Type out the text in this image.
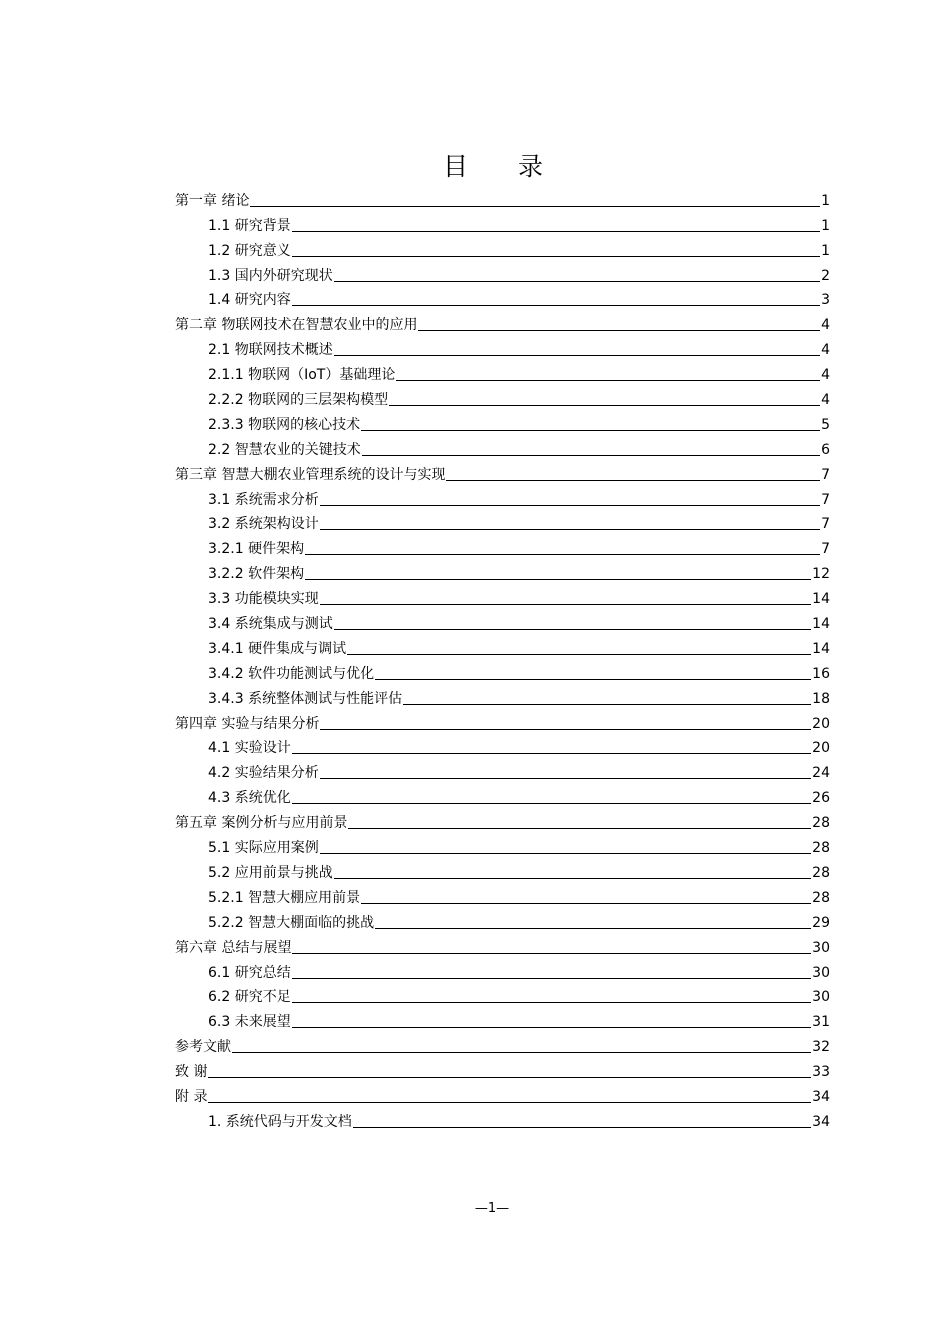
目　　录
第一章 绪论	1
1.1 研究背景	1
1.2 研究意义	1
1.3 国内外研究现状	2
1.4 研究内容	3
第二章 物联网技术在智慧农业中的应用	4
2.1 物联网技术概述	4
2.1.1 物联网（IoT）基础理论	4
2.2.2 物联网的三层架构模型	4
2.3.3 物联网的核心技术	5
2.2 智慧农业的关键技术	6
第三章 智慧大棚农业管理系统的设计与实现	7
3.1 系统需求分析	7
3.2 系统架构设计	7
3.2.1 硬件架构	7
3.2.2 软件架构	12
3.3 功能模块实现	14
3.4 系统集成与测试	14
3.4.1 硬件集成与调试	14
3.4.2 软件功能测试与优化	16
3.4.3 系统整体测试与性能评估	18
第四章 实验与结果分析	20
4.1 实验设计	20
4.2 实验结果分析	24
4.3 系统优化	26
第五章 案例分析与应用前景	28
5.1 实际应用案例	28
5.2 应用前景与挑战	28
5.2.1 智慧大棚应用前景	28
5.2.2 智慧大棚面临的挑战	29
第六章 总结与展望	30
6.1 研究总结	30
6.2 研究不足	30
6.3 未来展望	31
参考文献	32
致 谢	33
附 录	34
1. 系统代码与开发文档	34
—1—
